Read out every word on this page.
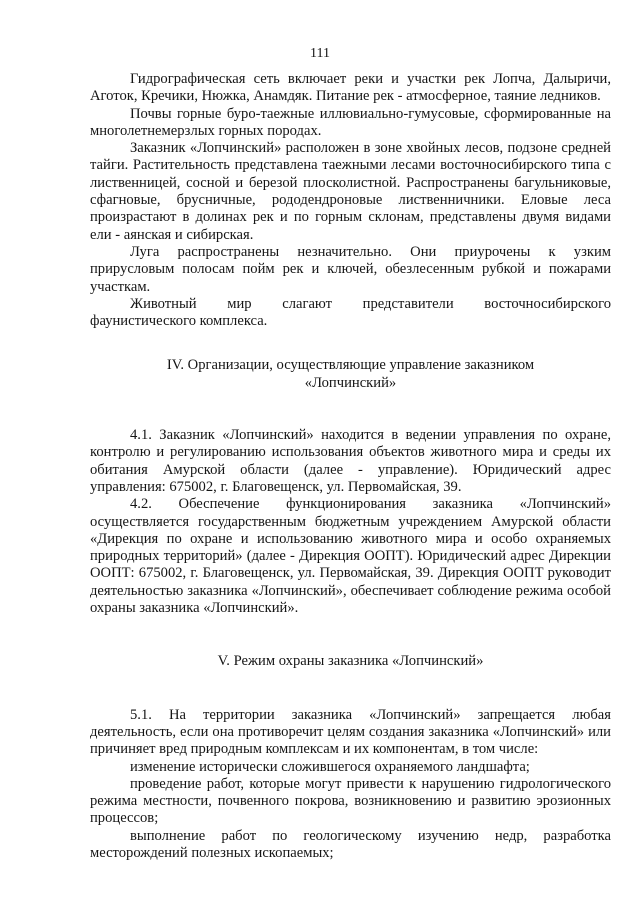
111

Гидрографическая сеть включает реки и участки рек Лопча, Далыричи, Аготок, Кречики, Нюжка, Анамдяк. Питание рек - атмосферное, таяние ледников.

Почвы горные буро-таежные иллювиально-гумусовые, сформированные на многолетнемерзлых горных породах.

Заказник «Лопчинский» расположен в зоне хвойных лесов, подзоне средней тайги. Растительность представлена таежными лесами восточносибирского типа с лиственницей, сосной и березой плосколистной. Распространены багульниковые, сфагновые, брусничные, рододендроновые лиственничники. Еловые леса произрастают в долинах рек и по горным склонам, представлены двумя видами ели - аянская и сибирская.

Луга распространены незначительно. Они приурочены к узким прирусловым полосам пойм рек и ключей, обезлесенным рубкой и пожарами участкам.

Животный мир слагают представители восточносибирского фаунистического комплекса.

IV. Организации, осуществляющие управление заказником

«Лопчинский»

4.1. Заказник «Лопчинский» находится в ведении управления по охране, контролю и регулированию использования объектов животного мира и среды их обитания Амурской области (далее - управление). Юридический адрес управления: 675002, г. Благовещенск, ул. Первомайская, 39.

4.2. Обеспечение функционирования заказника «Лопчинский» осуществляется государственным бюджетным учреждением Амурской области «Дирекция по охране и использованию животного мира и особо охраняемых природных территорий» (далее - Дирекция ООПТ). Юридический адрес Дирекции ООПТ: 675002, г. Благовещенск, ул. Первомайская, 39. Дирекция ООПТ руководит деятельностью заказника «Лопчинский», обеспечивает соблюдение режима особой охраны заказника «Лопчинский».

V. Режим охраны заказника «Лопчинский»

5.1. На территории заказника «Лопчинский» запрещается любая деятельность, если она противоречит целям создания заказника «Лопчинский» или причиняет вред природным комплексам и их компонентам, в том числе:

изменение исторически сложившегося охраняемого ландшафта;

проведение работ, которые могут привести к нарушению гидрологического режима местности, почвенного покрова, возникновению и развитию эрозионных процессов;

выполнение работ по геологическому изучению недр, разработка месторождений полезных ископаемых;
